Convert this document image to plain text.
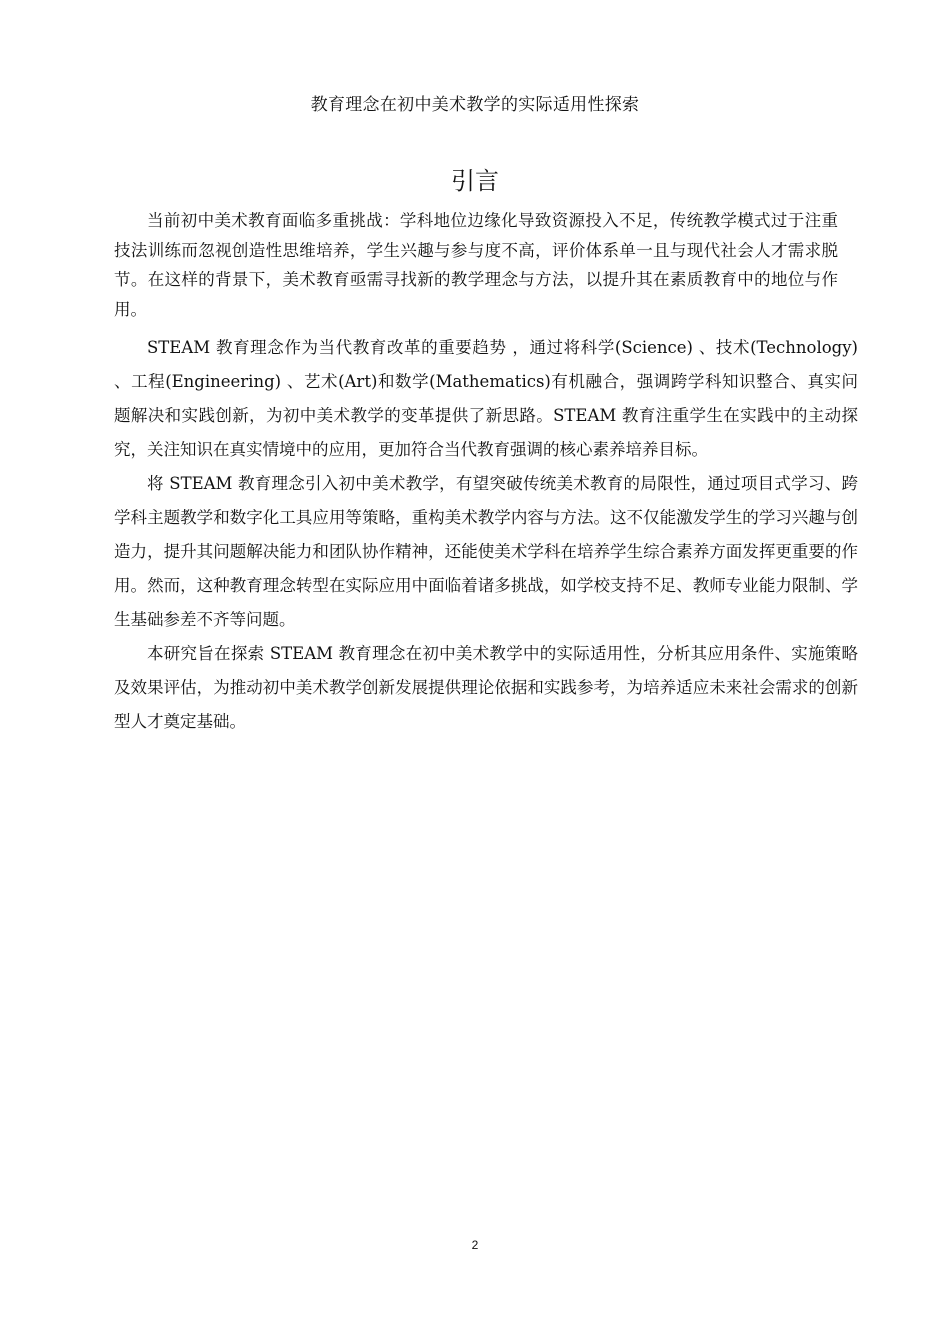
教育理念在初中美术教学的实际适用性探索
引言

当前初中美术教育面临多重挑战：学科地位边缘化导致资源投入不足，传统教学模式过于注重技法训练而忽视创造性思维培养，学生兴趣与参与度不高，评价体系单一且与现代社会人才需求脱节。在这样的背景下，美术教育亟需寻找新的教学理念与方法，以提升其在素质教育中的地位与作用。

STEAM 教育理念作为当代教育改革的重要趋势 ，通过将科学(Science) 、技术(Technology) 、工程(Engineering) 、艺术(Art)和数学(Mathematics)有机融合，强调跨学科知识整合、真实问题解决和实践创新，为初中美术教学的变革提供了新思路。STEAM 教育注重学生在实践中的主动探究，关注知识在真实情境中的应用，更加符合当代教育强调的核心素养培养目标。

将 STEAM 教育理念引入初中美术教学，有望突破传统美术教育的局限性，通过项目式学习、跨学科主题教学和数字化工具应用等策略，重构美术教学内容与方法。这不仅能激发学生的学习兴趣与创造力，提升其问题解决能力和团队协作精神，还能使美术学科在培养学生综合素养方面发挥更重要的作用。然而，这种教育理念转型在实际应用中面临着诸多挑战，如学校支持不足、教师专业能力限制、学生基础参差不齐等问题。

本研究旨在探索 STEAM 教育理念在初中美术教学中的实际适用性，分析其应用条件、实施策略及效果评估，为推动初中美术教学创新发展提供理论依据和实践参考，为培养适应未来社会需求的创新型人才奠定基础。

2
